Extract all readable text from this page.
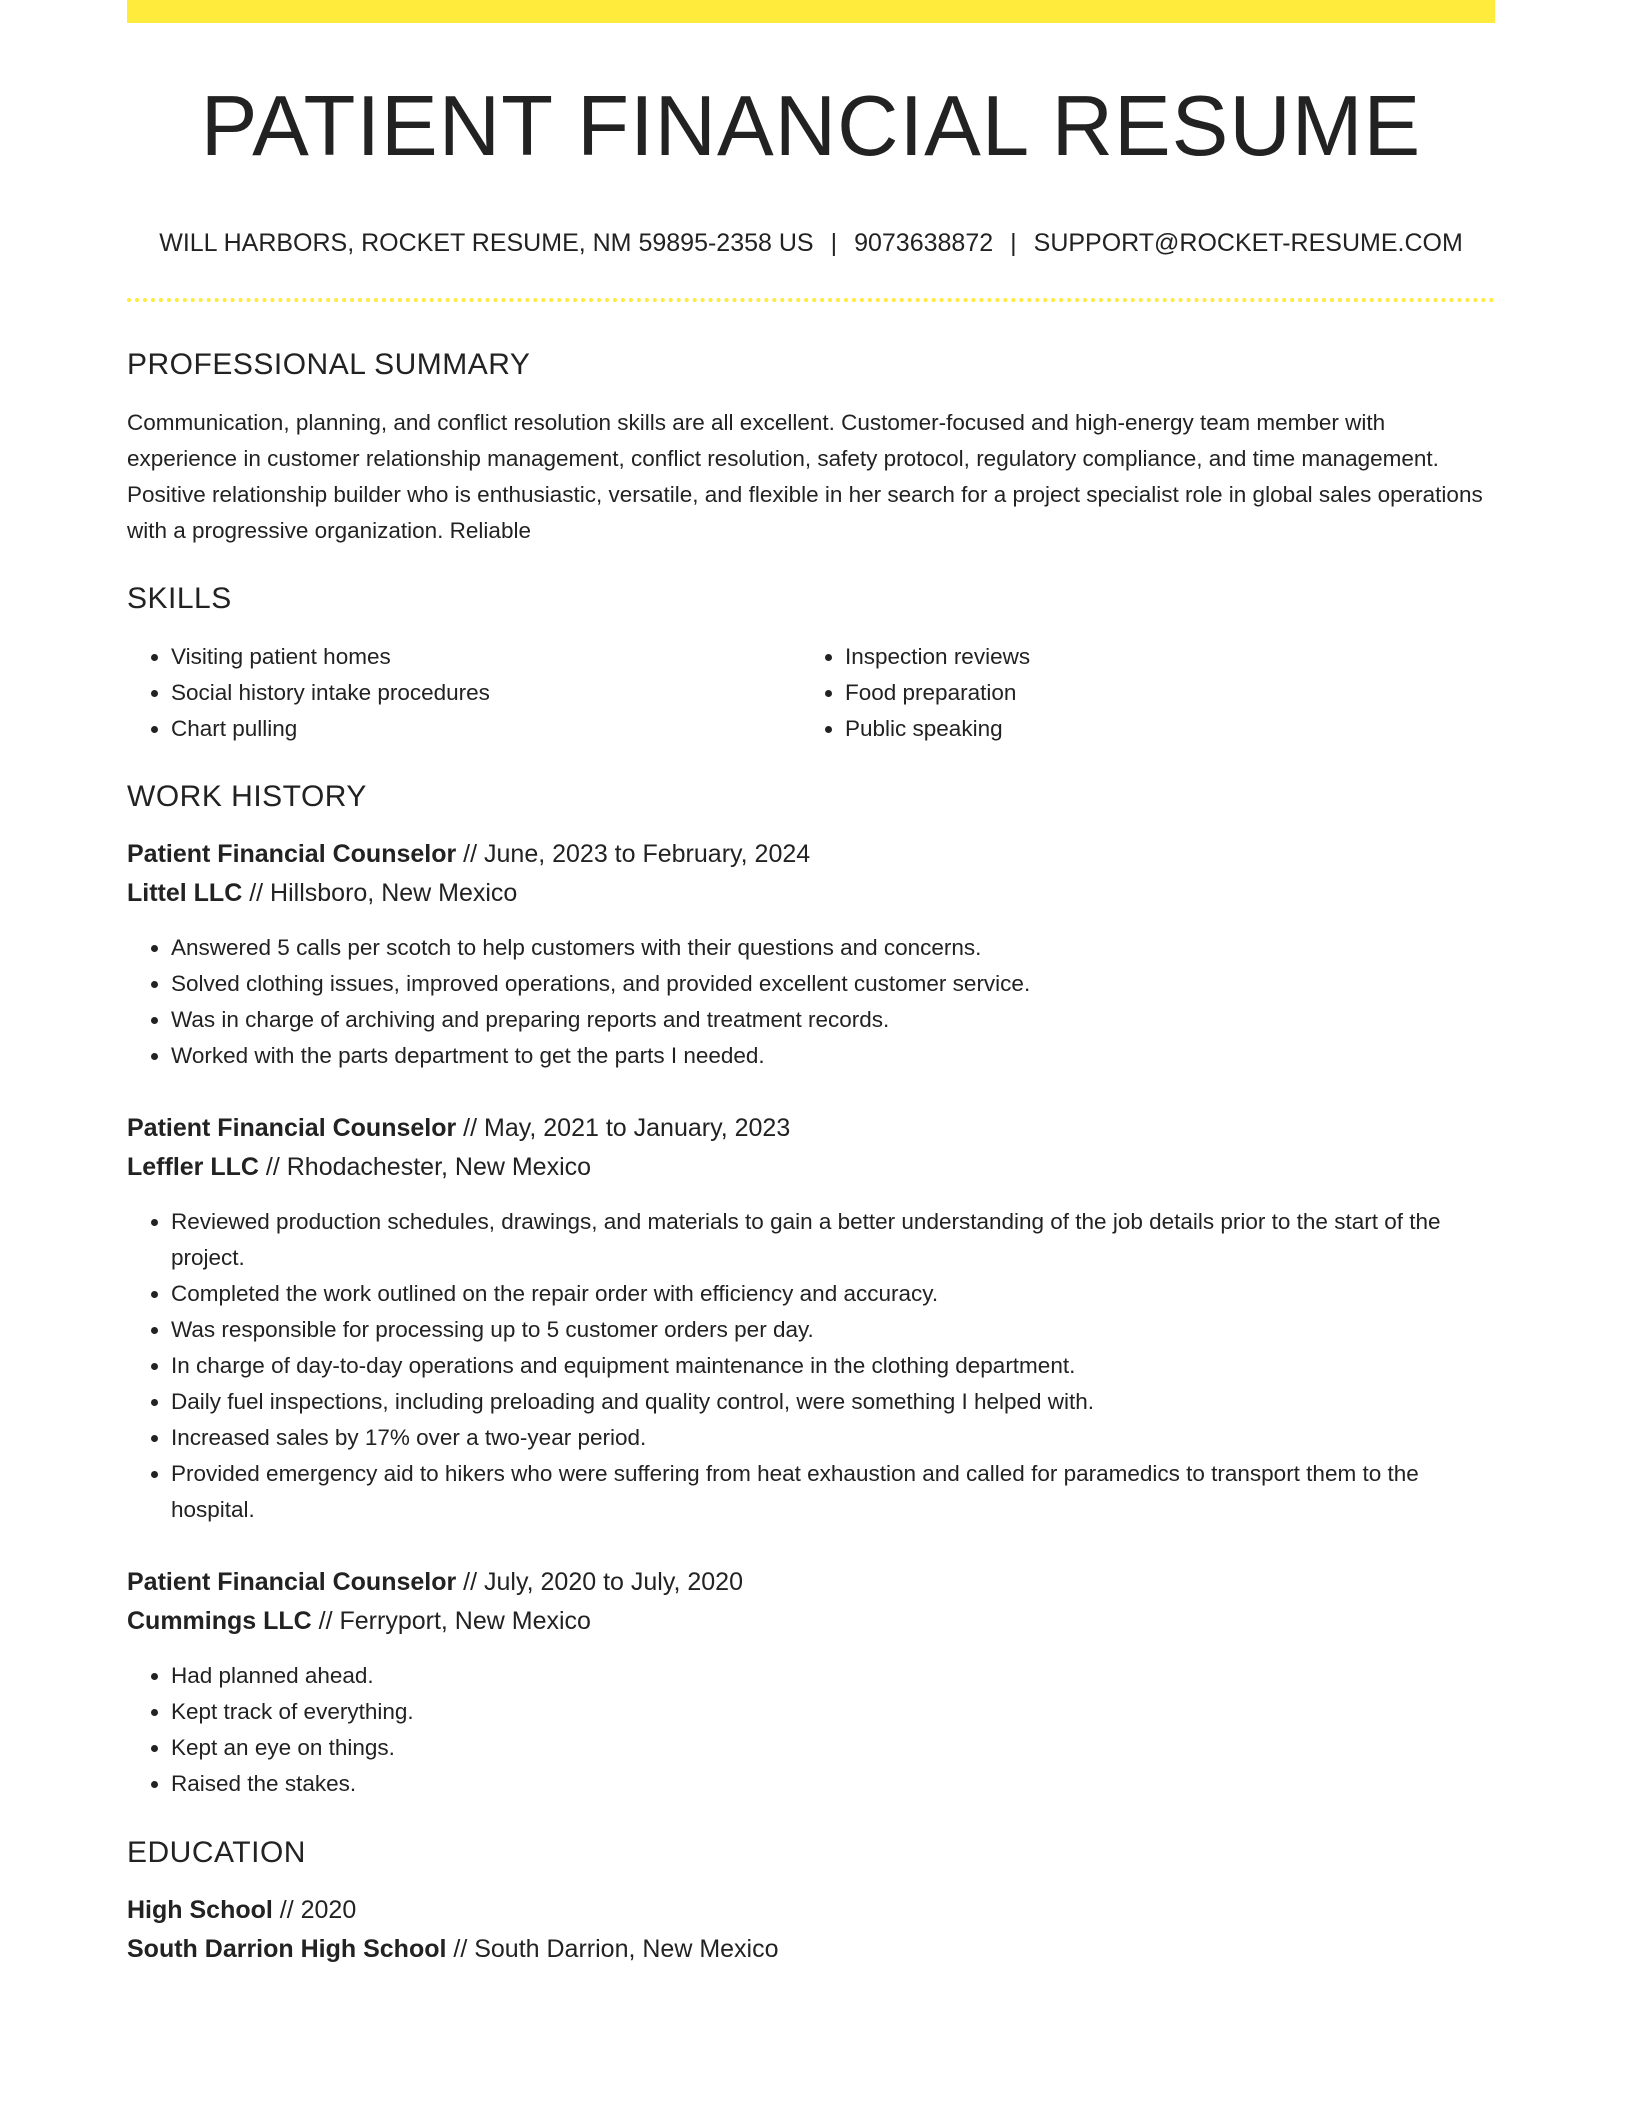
PATIENT FINANCIAL RESUME
WILL HARBORS, ROCKET RESUME, NM 59895-2358 US | 9073638872 | SUPPORT@ROCKET-RESUME.COM
PROFESSIONAL SUMMARY
Communication, planning, and conflict resolution skills are all excellent. Customer-focused and high-energy team member with experience in customer relationship management, conflict resolution, safety protocol, regulatory compliance, and time management. Positive relationship builder who is enthusiastic, versatile, and flexible in her search for a project specialist role in global sales operations with a progressive organization. Reliable
SKILLS
• Visiting patient homes
• Social history intake procedures
• Chart pulling
• Inspection reviews
• Food preparation
• Public speaking
WORK HISTORY
Patient Financial Counselor // June, 2023 to February, 2024
Littel LLC // Hillsboro, New Mexico
• Answered 5 calls per scotch to help customers with their questions and concerns.
• Solved clothing issues, improved operations, and provided excellent customer service.
• Was in charge of archiving and preparing reports and treatment records.
• Worked with the parts department to get the parts I needed.
Patient Financial Counselor // May, 2021 to January, 2023
Leffler LLC // Rhodachester, New Mexico
• Reviewed production schedules, drawings, and materials to gain a better understanding of the job details prior to the start of the project.
• Completed the work outlined on the repair order with efficiency and accuracy.
• Was responsible for processing up to 5 customer orders per day.
• In charge of day-to-day operations and equipment maintenance in the clothing department.
• Daily fuel inspections, including preloading and quality control, were something I helped with.
• Increased sales by 17% over a two-year period.
• Provided emergency aid to hikers who were suffering from heat exhaustion and called for paramedics to transport them to the hospital.
Patient Financial Counselor // July, 2020 to July, 2020
Cummings LLC // Ferryport, New Mexico
• Had planned ahead.
• Kept track of everything.
• Kept an eye on things.
• Raised the stakes.
EDUCATION
High School // 2020
South Darrion High School // South Darrion, New Mexico
